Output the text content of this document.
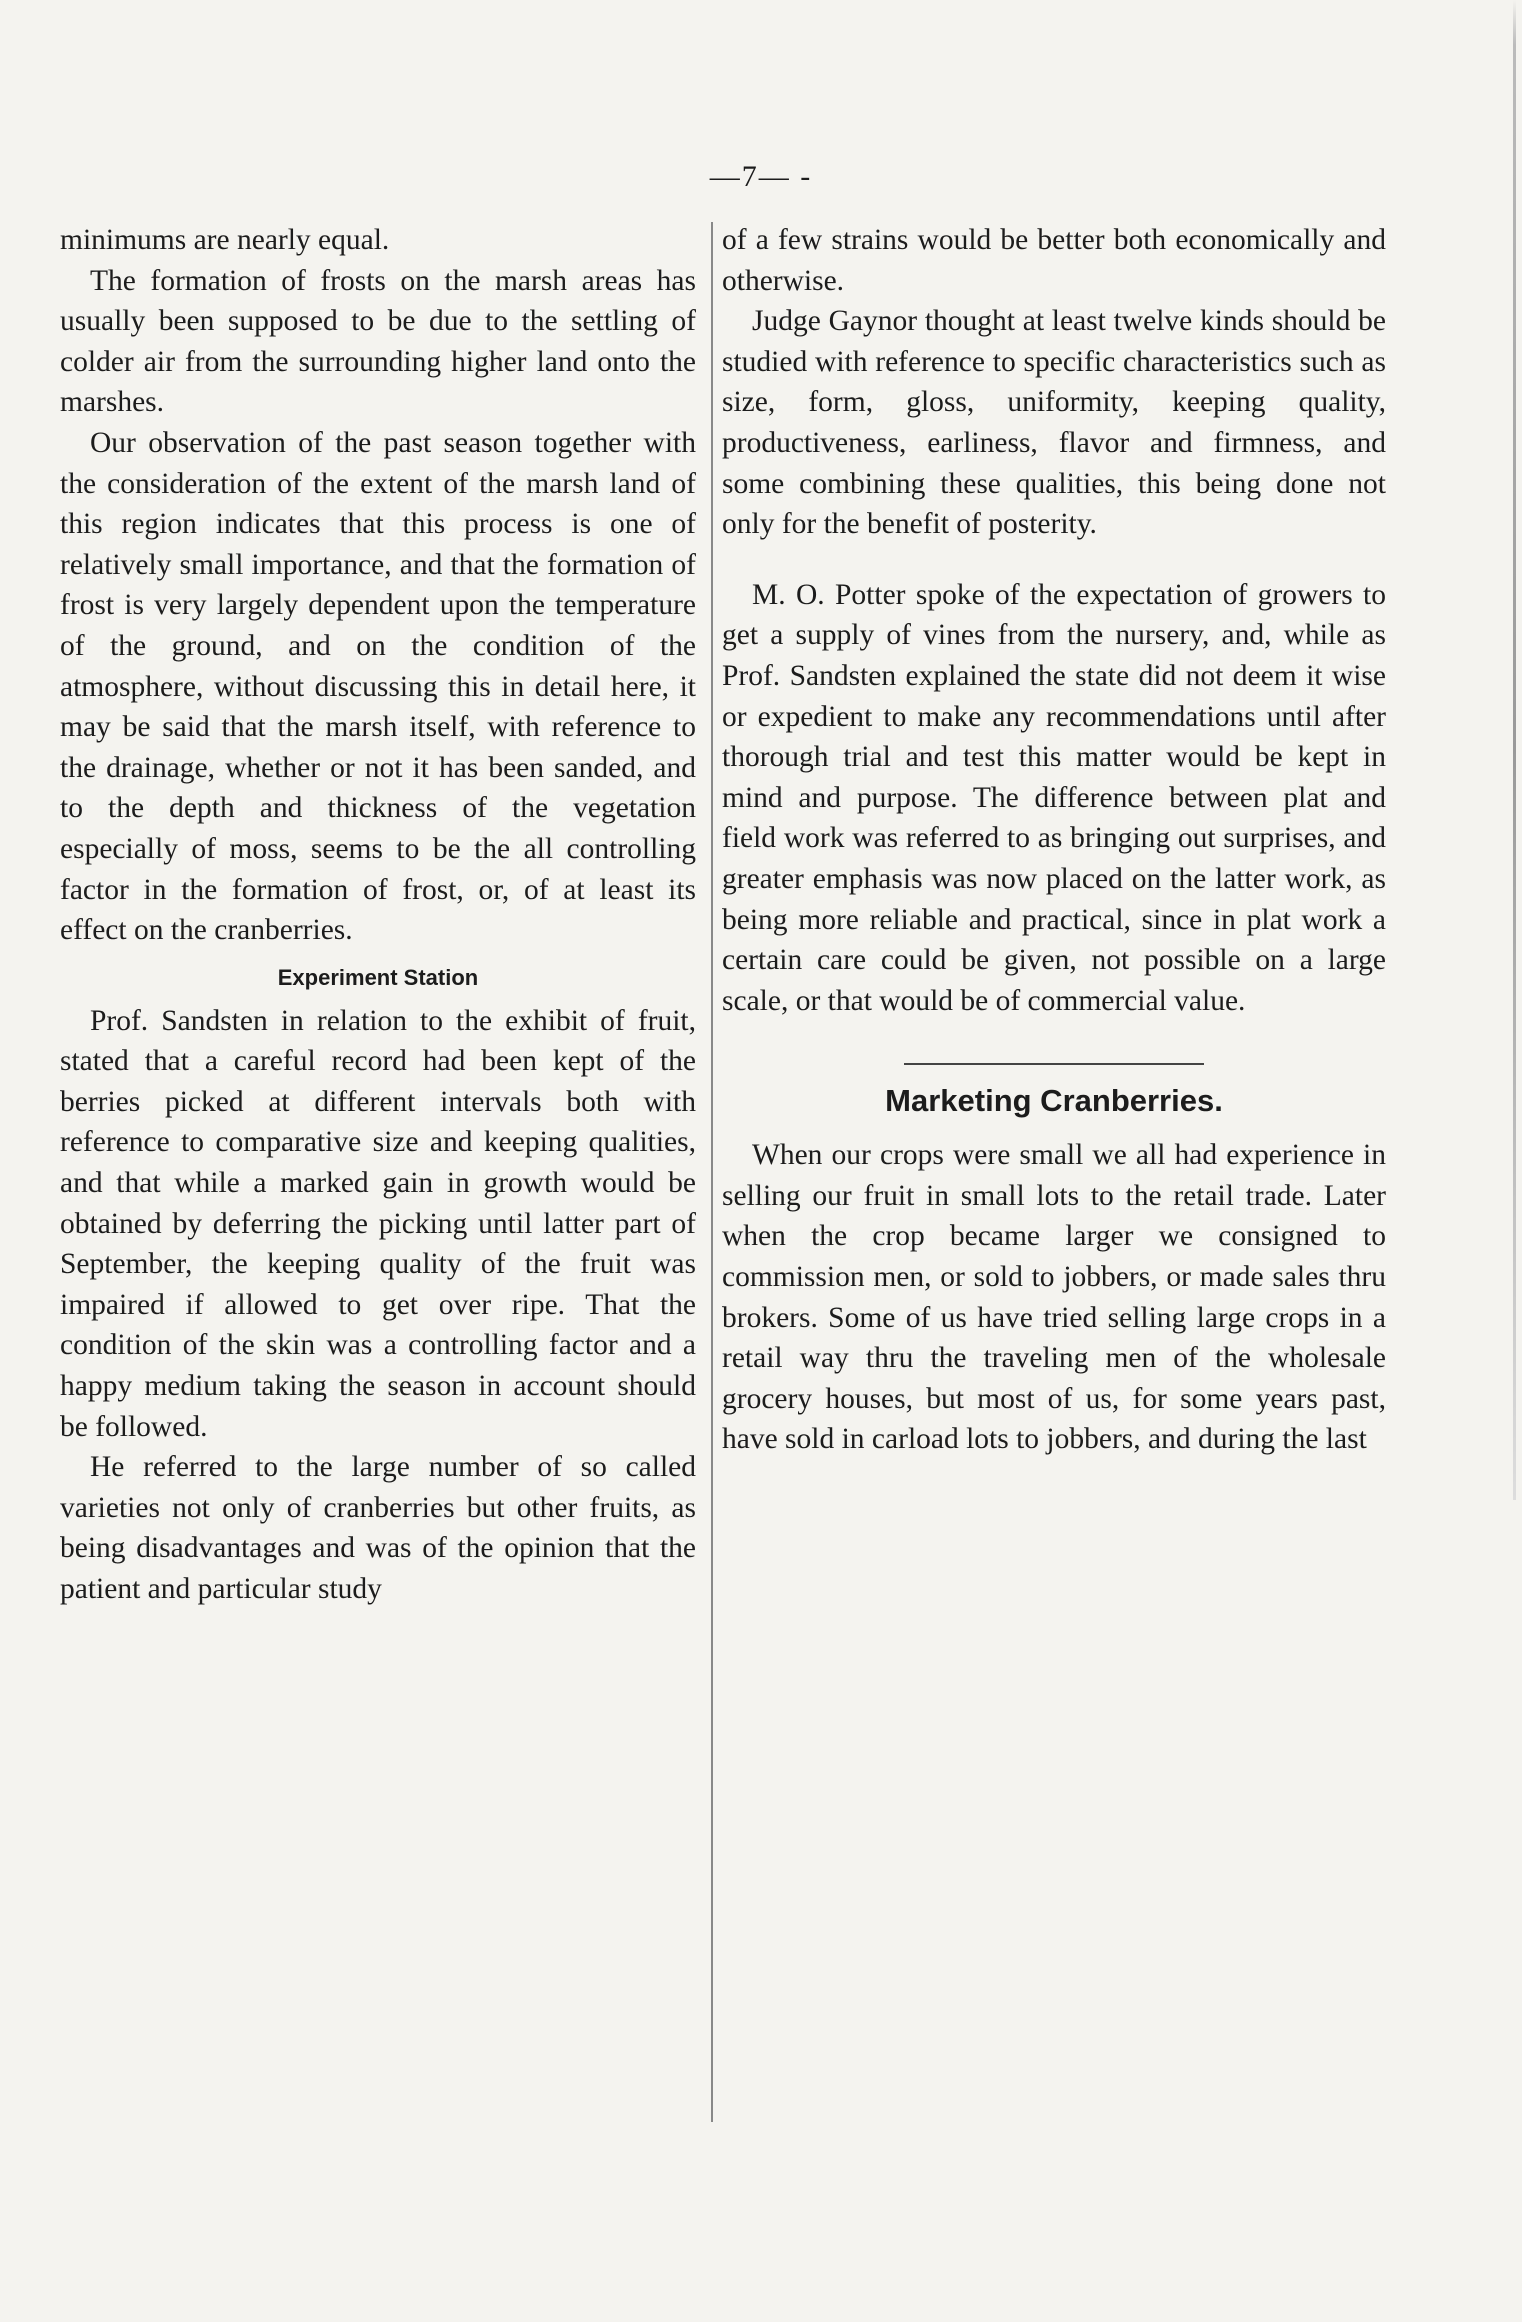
—7— -

minimums are nearly equal.

The formation of frosts on the marsh areas has usually been supposed to be due to the settling of colder air from the surrounding higher land onto the marshes.

Our observation of the past season together with the consideration of the extent of the marsh land of this region indicates that this process is one of relatively small importance, and that the formation of frost is very largely dependent upon the temperature of the ground, and on the condition of the atmosphere, without discussing this in detail here, it may be said that the marsh itself, with reference to the drainage, whether or not it has been sanded, and to the depth and thickness of the vegetation especially of moss, seems to be the all controlling factor in the formation of frost, or, of at least its effect on the cranberries.

Experiment Station

Prof. Sandsten in relation to the exhibit of fruit, stated that a careful record had been kept of the berries picked at different intervals both with reference to comparative size and keeping qualities, and that while a marked gain in growth would be obtained by deferring the picking until latter part of September, the keeping quality of the fruit was impaired if allowed to get over ripe. That the condition of the skin was a controlling factor and a happy medium taking the season in account should be followed.

He referred to the large number of so called varieties not only of cranberries but other fruits, as being disadvantages and was of the opinion that the patient and particular study

of a few strains would be better both economically and otherwise.

Judge Gaynor thought at least twelve kinds should be studied with reference to specific characteristics such as size, form, gloss, uniformity, keeping quality, productiveness, earliness, flavor and firmness, and some combining these qualities, this being done not only for the benefit of posterity.

M. O. Potter spoke of the expectation of growers to get a supply of vines from the nursery, and, while as Prof. Sandsten explained the state did not deem it wise or expedient to make any recommendations until after thorough trial and test this matter would be kept in mind and purpose. The difference between plat and field work was referred to as bringing out surprises, and greater emphasis was now placed on the latter work, as being more reliable and practical, since in plat work a certain care could be given, not possible on a large scale, or that would be of commercial value.

Marketing Cranberries.

When our crops were small we all had experience in selling our fruit in small lots to the retail trade. Later when the crop became larger we consigned to commission men, or sold to jobbers, or made sales thru brokers. Some of us have tried selling large crops in a retail way thru the traveling men of the wholesale grocery houses, but most of us, for some years past, have sold in carload lots to jobbers, and during the last
